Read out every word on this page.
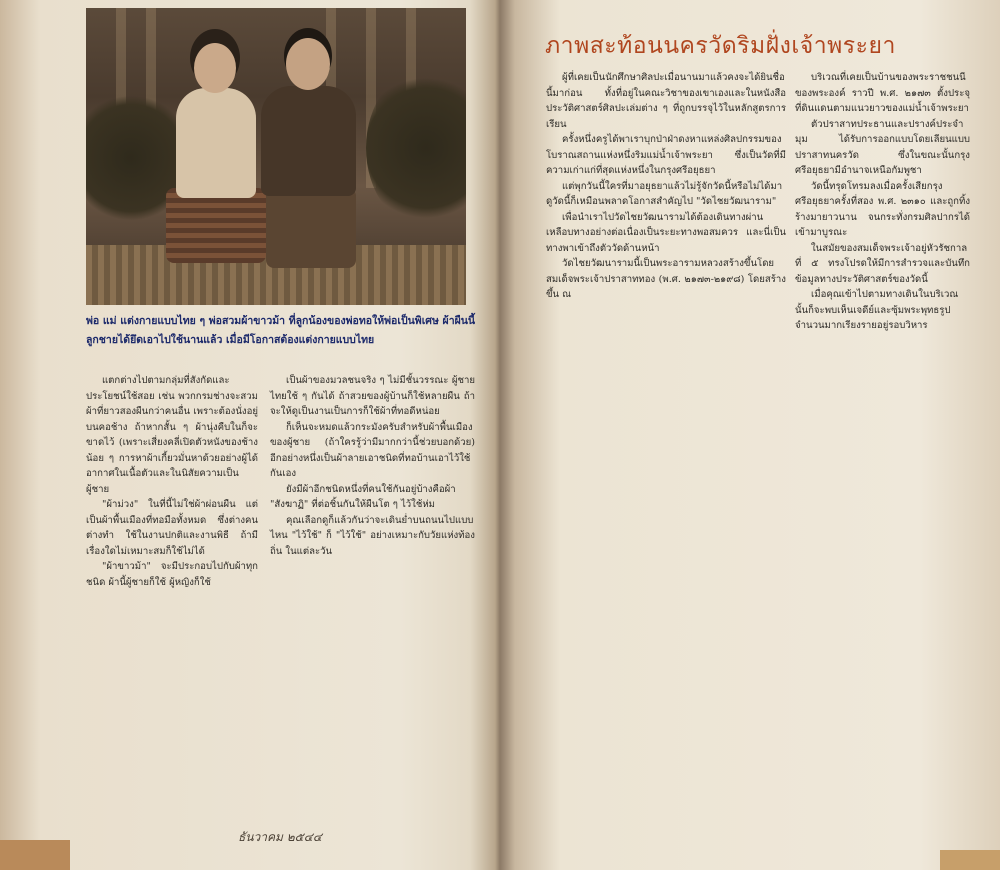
พ่อ แม่ แต่งกายแบบไทย ๆ พ่อสวมผ้าขาวม้า ที่ลูกน้องของพ่อทอให้พ่อเป็นพิเศษ ผ้าผืนนี้ลูกชายได้ยึดเอาไปใช้นานแล้ว เมื่อมีโอกาสต้องแต่งกายแบบไทย

แตกต่างไปตามกลุ่มที่สังกัดและประโยชน์ใช้สอย เช่น พวกกรมช่างจะสวมผ้าที่ยาวสองผืนกว่าคนอื่น เพราะต้องนั่งอยู่บนคอช้าง ถ้าหากสั้น ๆ ผ้านุ่งคืบในก็จะขาดไว้ (เพราะเสี่ยงคลี่เปิดตัวหนังของช้างน้อย ๆ การหาผ้าเกี้ยวมั่นหาด้วยอย่างผู้ได้อากาศในเนื้อตัวและในนิสัยความเป็นผู้ชาย

"ผ้าม่วง" ในที่นี้ไม่ใช่ผ้าผ่อนผืน แต่เป็นผ้าพื้นเมืองที่ทอมือทั้งหมด ซึ่งต่างคนต่างทำ ใช้ในงานปกติและงานพิธี ถ้ามีเรื่องใดไม่เหมาะสมก็ใช้ไม่ได้

"ผ้าขาวม้า" จะมีประกอบไปกับผ้าทุกชนิด ผ้านี้ผู้ชายก็ใช้ ผู้หญิงก็ใช้

เป็นผ้าของมวลชนจริง ๆ ไม่มีชั้นวรรณะ ผู้ชายไทยใช้ ๆ กันได้ ถ้าสวยของผู้บ้านก็ใช้หลายผืน ถ้าจะให้ดูเป็นงานเป็นการก็ใช้ผ้าที่ทอดีหน่อย

ก็เห็นจะหมดแล้วกระมังครับสำหรับผ้าพื้นเมืองของผู้ชาย (ถ้าใครรู้ว่ามีมากกว่านี้ช่วยบอกด้วย) อีกอย่างหนึ่งเป็นผ้าลายเอาชนิดที่ทอบ้านเอาไว้ใช้กันเอง

ยังมีผ้าอีกชนิดหนึ่งที่คนใช้กันอยู่บ้างคือผ้า "สังฆาฏิ" ที่ต่อชิ้นกันให้ผืนโต ๆ ไว้ใช้ห่ม

คุณเลือกดูก็แล้วกันว่าจะเดินย่ำบนถนนไปแบบไหน "ไว้ใช้" ก็ "ไว้ใช้" อย่างเหมาะกับวัยแห่งท้องถิ่น ในแต่ละวัน

ธันวาคม ๒๕๔๔
ภาพสะท้อนนครวัดริมฝั่งเจ้าพระยา

ผู้ที่เคยเป็นนักศึกษาศิลปะเมื่อนานมาแล้วคงจะได้ยินชื่อนี้มาก่อน ทั้งที่อยู่ในคณะวิชาของเขาเองและในหนังสือประวัติศาสตร์ศิลปะเล่มต่าง ๆ ที่ถูกบรรจุไว้ในหลักสูตรการเรียน

ครั้งหนึ่งครูได้พาเราบุกป่าฝ่าดงหาแหล่งศิลปกรรมของโบราณสถานแห่งหนึ่งริมแม่น้ำเจ้าพระยา ซึ่งเป็นวัดที่มีความเก่าแก่ที่สุดแห่งหนึ่งในกรุงศรีอยุธยา

แต่พุกวันนี้ใครที่มาอยุธยาแล้วไม่รู้จักวัดนี้หรือไม่ได้มาดูวัดนี้ก็เหมือนพลาดโอกาสสำคัญไป "วัดไชยวัฒนาราม"

เพื่อนำเราไปวัดไชยวัฒนารามได้ต้องเดินทางผ่านเหลือบทางอย่างต่อเนื่องเป็นระยะทางพอสมควร และนี่เป็นทางพาเข้าถึงตัววัดด้านหน้า

วัดไชยวัฒนารามนี้เป็นพระอารามหลวงสร้างขึ้นโดยสมเด็จพระเจ้าปราสาททอง (พ.ศ. ๒๑๗๓-๒๑๙๘) โดยสร้างขึ้น ณ

บริเวณที่เคยเป็นบ้านของพระราชชนนีของพระองค์ ราวปี พ.ศ. ๒๑๗๓ ตั้งประจุที่ดินแดนตามแนวยาวของแม่น้ำเจ้าพระยา

ตัวปราสาทประธานและปรางค์ประจำมุม ได้รับการออกแบบโดยเลียนแบบปราสาทนครวัด ซึ่งในขณะนั้นกรุงศรีอยุธยามีอำนาจเหนือกัมพูชา

วัดนี้ทรุดโทรมลงเมื่อครั้งเสียกรุงศรีอยุธยาครั้งที่สอง พ.ศ. ๒๓๑๐ และถูกทิ้งร้างมายาวนาน จนกระทั่งกรมศิลปากรได้เข้ามาบูรณะ

ในสมัยของสมเด็จพระเจ้าอยู่หัวรัชกาลที่ ๕ ทรงโปรดให้มีการสำรวจและบันทึกข้อมูลทางประวัติศาสตร์ของวัดนี้

เมื่อคุณเข้าไปตามทางเดินในบริเวณนั้นก็จะพบเห็นเจดีย์และซุ้มพระพุทธรูปจำนวนมากเรียงรายอยู่รอบวิหาร
